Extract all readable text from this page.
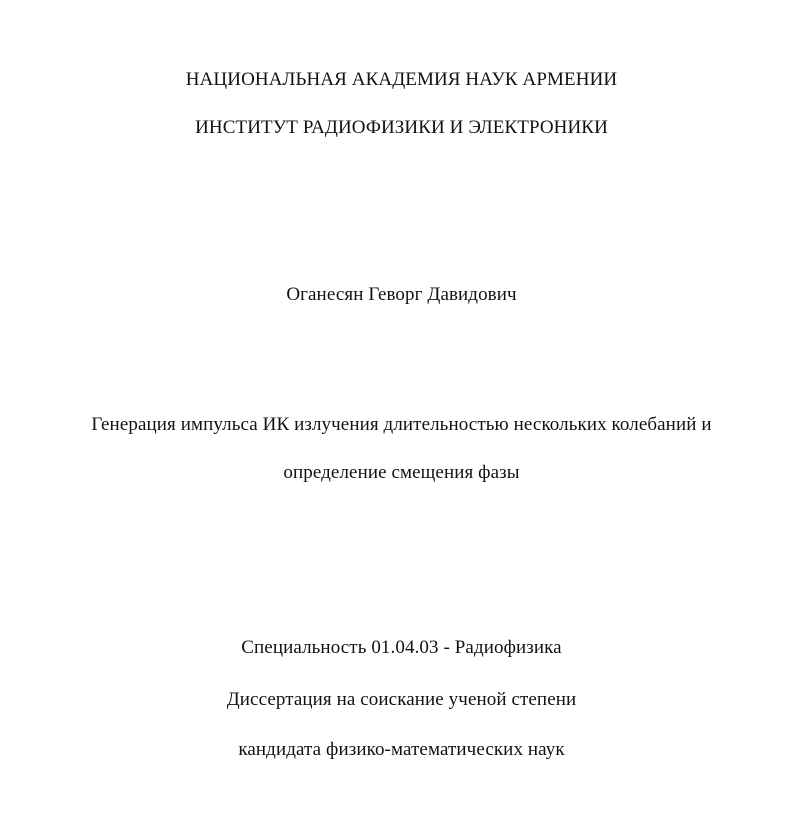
НАЦИОНАЛЬНАЯ АКАДЕМИЯ НАУК АРМЕНИИ
ИНСТИТУТ РАДИОФИЗИКИ И ЭЛЕКТРОНИКИ
Оганесян Геворг Давидович
Генерация импульса ИК излучения длительностью нескольких колебаний и
определение смещения фазы
Специальность 01.04.03 - Радиофизика
Диссертация на соискание ученой степени
кандидата физико-математических наук
